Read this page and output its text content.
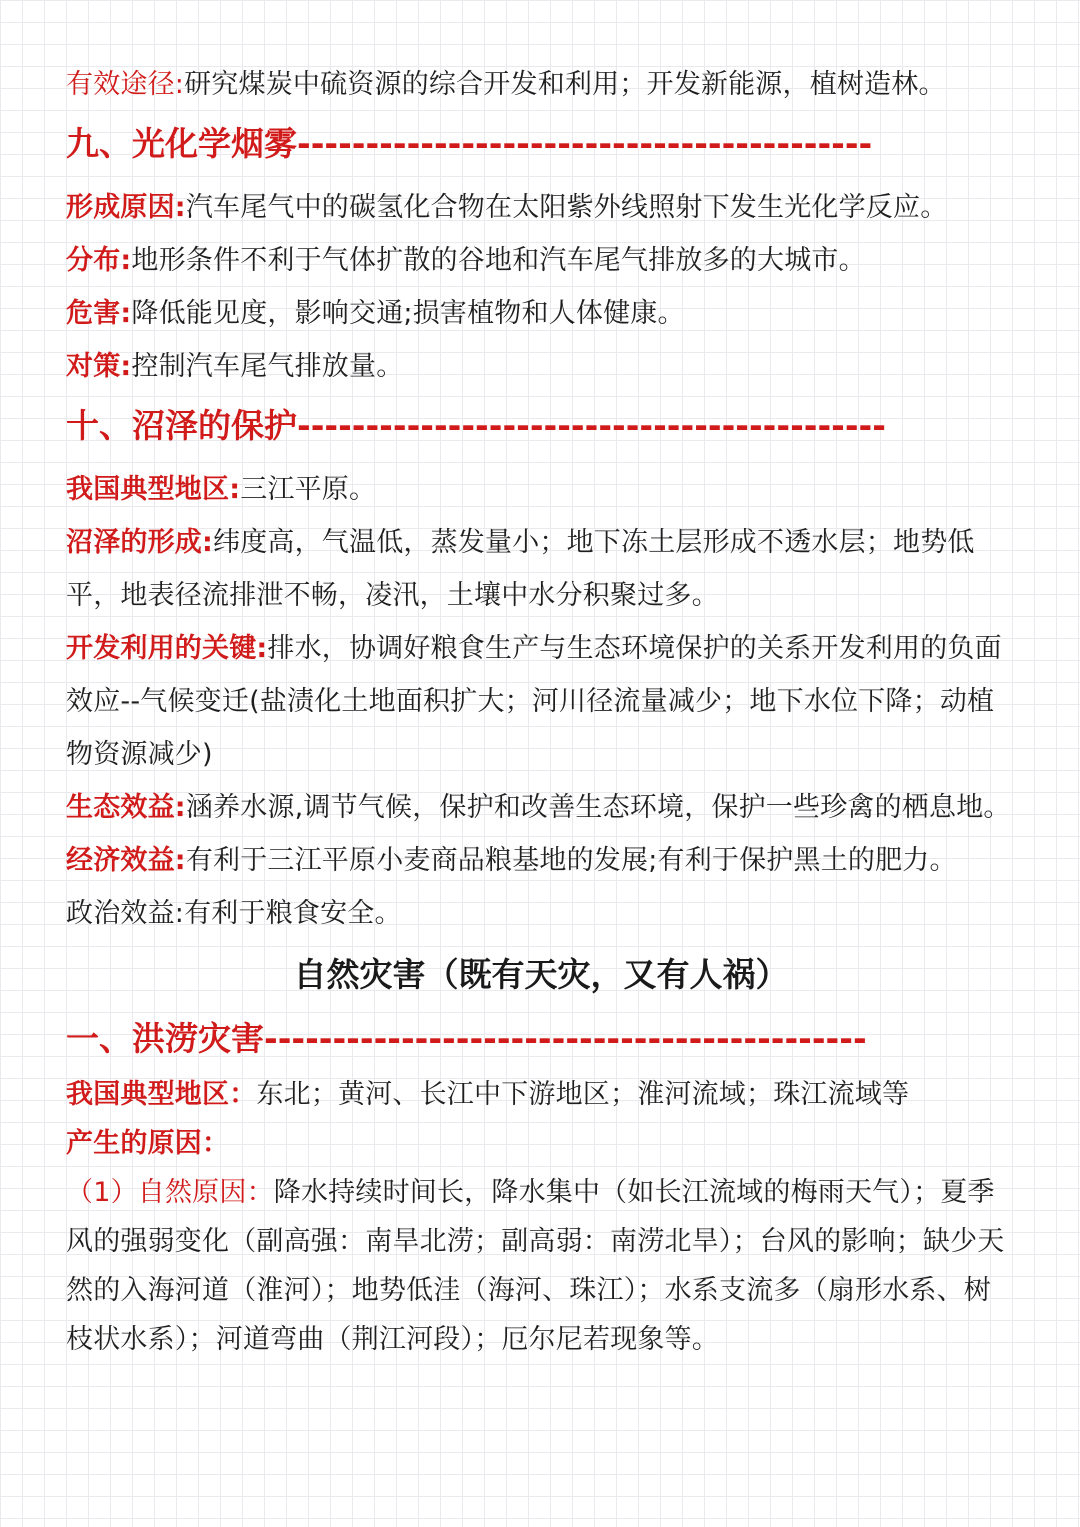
有效途径:研究煤炭中硫资源的综合开发和利用；开发新能源，植树造林。

九、光化学烟雾------------------------------------------

形成原因:汽车尾气中的碳氢化合物在太阳紫外线照射下发生光化学反应。

分布:地形条件不利于气体扩散的谷地和汽车尾气排放多的大城市。

危害:降低能见度，影响交通;损害植物和人体健康。

对策:控制汽车尾气排放量。

十、沼泽的保护-------------------------------------------

我国典型地区:三江平原。

沼泽的形成:纬度高，气温低，蒸发量小；地下冻土层形成不透水层；地势低平，地表径流排泄不畅，凌汛，土壤中水分积聚过多。

开发利用的关键:排水，协调好粮食生产与生态环境保护的关系开发利用的负面效应--气候变迁(盐渍化土地面积扩大；河川径流量减少；地下水位下降；动植物资源减少)

生态效益:涵养水源,调节气候，保护和改善生态环境，保护一些珍禽的栖息地。

经济效益:有利于三江平原小麦商品粮基地的发展;有利于保护黑土的肥力。

政治效益:有利于粮食安全。

自然灾害（既有天灾，又有人祸）
一、洪涝灾害--------------------------------------------

我国典型地区：东北；黄河、长江中下游地区；淮河流域；珠江流域等

产生的原因：

（1）自然原因：降水持续时间长，降水集中（如长江流域的梅雨天气）；夏季风的强弱变化（副高强：南旱北涝；副高弱：南涝北旱）；台风的影响；缺少天然的入海河道（淮河）；地势低洼（海河、珠江）；水系支流多（扇形水系、树枝状水系）；河道弯曲（荆江河段）；厄尔尼若现象等。
